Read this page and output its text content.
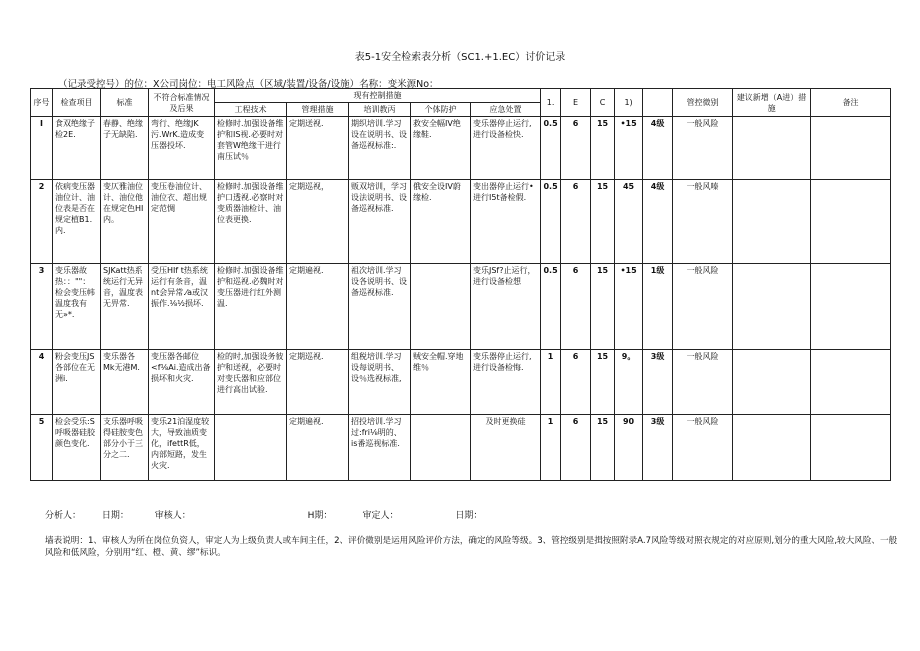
表5-1安全检索表分析（SC1.+1.EC）讨价记录
（记录受控号）的位：X公司岗位：电工风险点（区域/装置/设备/设施）名称：变米源No：
序号	检查项目	标准	不符合标准情况及后果	现有控制措施					1.	E	C	1)		管控微别	建议新增（A进）措施	备注
				工程技术	管理措施	培训教丙	个体防护	应急处置								
I	食双绝缘子检2E.	春静、绝缘子无缺陷.	弯行、绝缘JK污.WrK.造成变压器投坏.	检修时.加强设备维护和IS视.必要时对套管W绝缘干进行南压试％	定期送视.	期织培训.学习设在说明书、设备巡视标准:.	救安全幅IⅤ绝缘鞋.	变乐器停止运行,进行设备检快.	0.5	6	15	•15	4级	一般风险		
2	依病变压器油位计、油位表是否在规定植B1.内.	变仄雅油位计、油位他在规定色HI内。	变压卷油位计、油位衣、超出规定范惆	检修时.加强设备维护口透视.必察时对变质器油检计、油位表更换.	定期巡视，	贩双培训，学习设法说明书、设备巡视标准.	俄安全设IⅤ蔚缘检.	变出器停止运行•进行I5t备检假.	0.5	6	15	45	4级	一般风嗪		
3	变乐器故热：：""：检会变压帏温度我有无»*.	SJKatt热系统运行无异音，温度表无畀常.	受压HIf t热系统运行有条音，温nt会异常.⁄a或汉振作.⅛½损坏.	检修时.加强设备维护和巡视.必魏时对变压器进行红外测温.	定期遍视.	祖次培训.学习设各说明书、设备巡视标准.		变乐JSf?止运行，进行设备检想	0.5	6	15	•15	1级	一般风险		
4	粉会变压JS各部位在无洲i.	变乐器各Mk无港M.	变压器各邮位<f⅛Ai.造成出备损坏和火灾.	检的时,加强设务彼护和送视，必要时对变氏器和应部位进行高出试验.	定期巡视.	组税培训.学习设每说明书、设％选视标准,	贼安全帽.穿地维％	变乐器停止运行,进行设备检悔.	1	6	15	9。	3级	一般风险		
5	检会受乐:S呼吸器硅胶颜色变化.	支乐器呼吸得硅胺变色部分小于三分之二.	变乐21泊湿度较大，导致油质变化，ifettR低，内部短路，发生火灾.		定期遍视.	招投培训.学习过:fri⅛明的、is番巡视标准.		及时更换硅	1	6	15	90	3级	一般风险		
分析人： 日期：	审核人：	H期：	审定人：	日期：
墙表说明：1、审核人为所在岗位负资人，审定人为上级负责人或车间主任，2、评价微别是运用风险评价方法，确定的风险等级。3、管控级别是揖按照附录A.7风险等级对照衣规定的对应原则,划分的重大风险,较大风险、一般风险和低风险，分别用“红、橙、黄、缪”标识。
